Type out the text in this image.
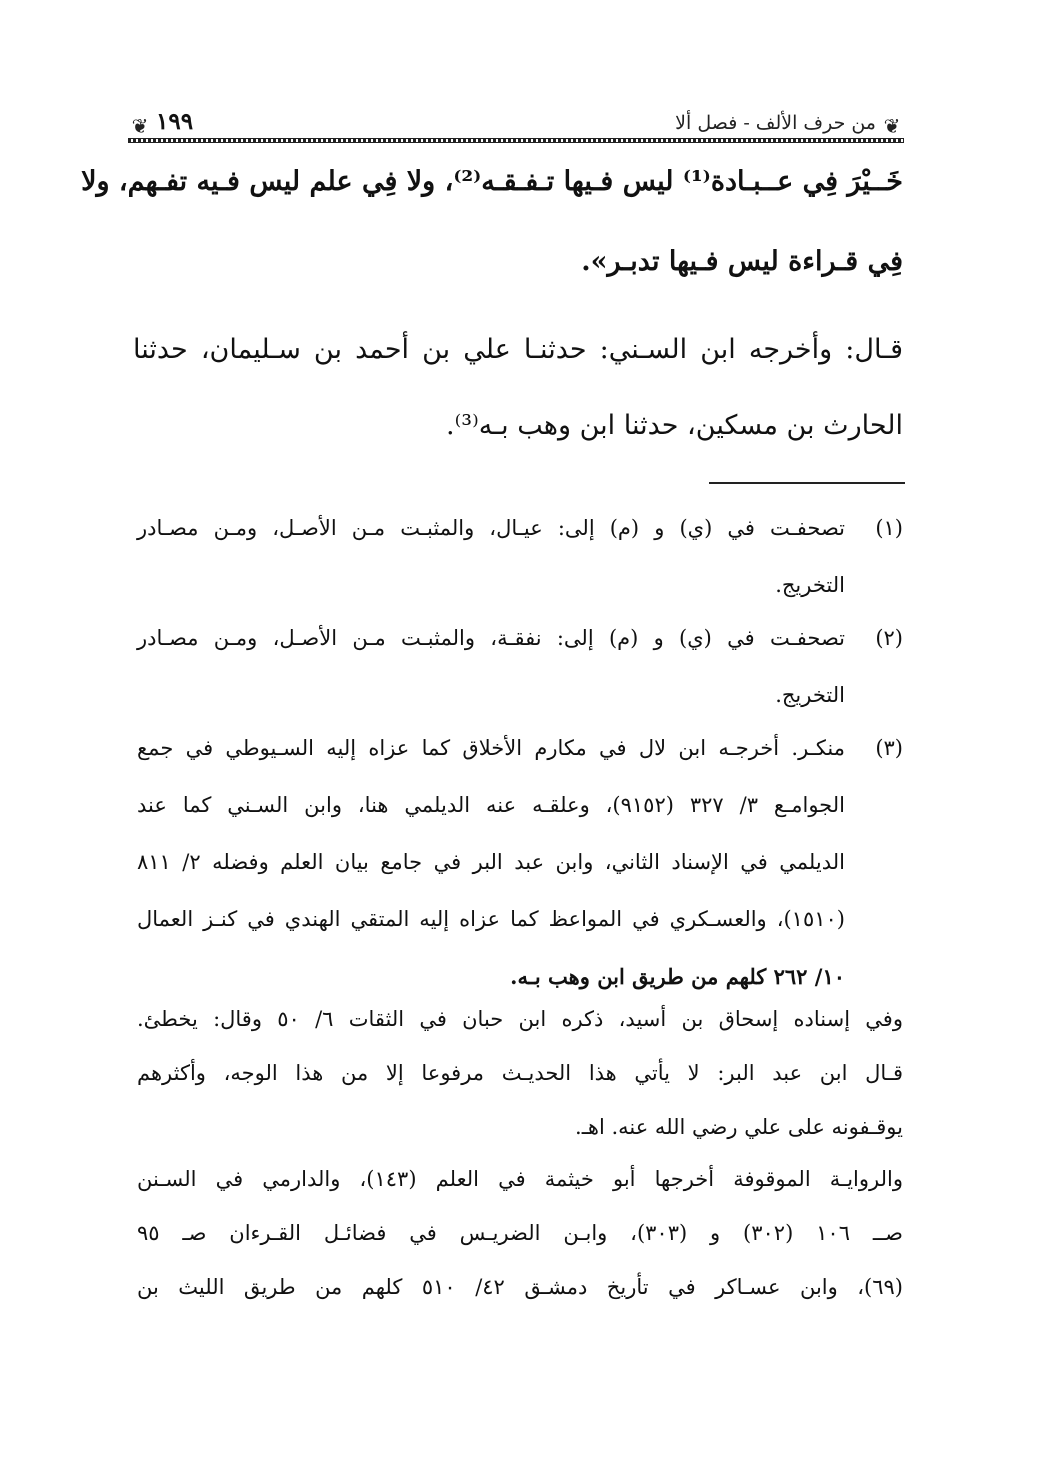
❦
من حرف الألف - فصل ألا
١٩٩
❦
خَــيْرَ فِي عــبـادة⁽¹⁾ ليس فـيها تـفـقـه⁽²⁾، ولا فِي علم ليس فـيه تفـهم، ولا
فِي قـراءة ليس فـيها تدبـر».
قـال: وأخرجه ابن السـني: حدثنـا علي بن أحمد بن سـليمان، حدثنا
الحارث بن مسكين، حدثنا ابن وهب بـه⁽³⁾.
(١)
تصحفـت في (ي) و (م) إلى: عيـال، والمثبـت مـن الأصـل، ومـن مصـادر
التخريج.
(٢)
تصحفـت في (ي) و (م) إلى: نفقـة، والمثبـت مـن الأصـل، ومـن مصـادر
التخريج.
(٣)
منكـر. أخرجـه ابن لال في مكارم الأخلاق كما عزاه إليه السـيوطي في جمع
الجوامـع ٣/ ٣٢٧ (٩١٥٢)، وعلقـه عنه الديلمي هنا، وابن السـني كما عند
الديلمي في الإسناد الثاني، وابن عبد البر في جامع بيان العلم وفضله ٢/ ٨١١
(١٥١٠)، والعسـكري في المواعظ كما عزاه إليه المتقي الهندي في كنـز العمال
١٠/ ٢٦٢ كلهم من طريق ابن وهب بـه.
وفي إسناده إسحاق بن أسيد، ذكره ابن حبان في الثقات ٦/ ٥٠ وقال: يخطئ.
قـال ابن عبد البر: لا يأتي هذا الحديـث مرفوعا إلا من هذا الوجه، وأكثرهم
يوقـفونه على علي رضي الله عنه. اهـ.
والروايـة الموقوفة أخرجها أبو خيثمة في العلم (١٤٣)، والدارمي في السـنن
صــ ١٠٦ (٣٠٢) و (٣٠٣)، وابـن الضريـس في فضائـل القـرءان صـ ٩٥
(٦٩)، وابن عسـاكر في تأريخ دمشـق ٤٢/ ٥١٠ كلهم من طريق الليث بن
